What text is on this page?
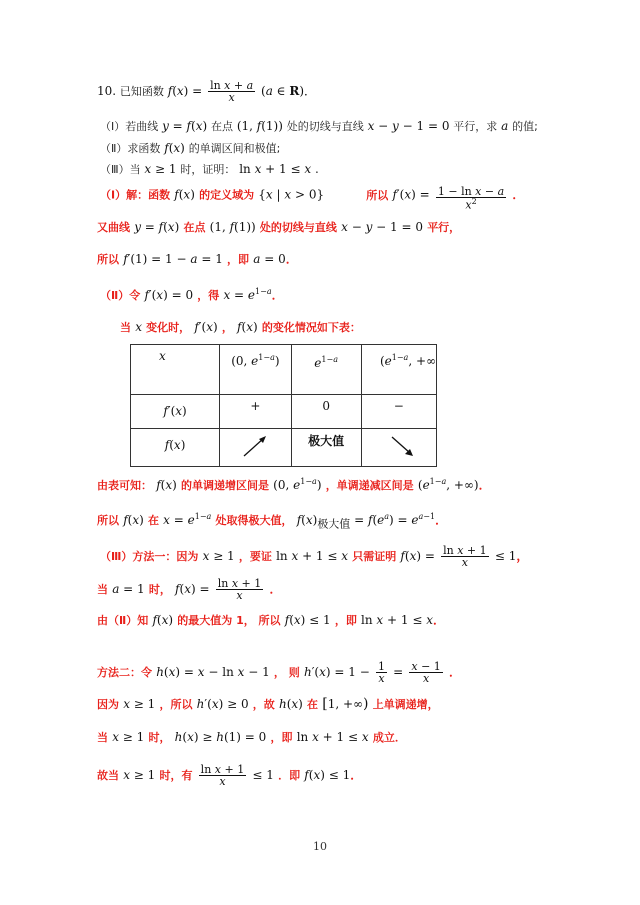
10. 已知函数 $f(x) = \frac{\text{ln x + a}}{x} (a$ ∈ R)．
（Ⅰ）若曲线 y = f(x) 在点 (1, f(1)) 处的切线与直线 x − y − 1 = 0 平行，求 a 的值;
（Ⅱ）求函数 f(x) 的单调区间和极值;
（Ⅲ）当 x ≥ 1 时，证明： ln x + 1 ≤ x .
（Ⅰ）解：函数 f(x) 的定义域为 {x | x > 0}	所以 $f'(x) = \frac{\text{1 − ln x − a}}{x^2}$ ．
又曲线 y = f(x) 在点 (1, f(1)) 处的切线与直线 x − y − 1 = 0 平行，
所以 f′(1) = 1 − a = 1 ，即 a = 0．
（Ⅱ）令 f′(x) = 0 ，得 $x = e^{1-a}$．
当 x 变化时， f′(x) ， f(x) 的变化情况如下表：
x	(0, $e^{1-a}$)	$e^{1-a}$	($e^{1-a}$, +∞
f′(x)	+	0	−
f(x)		极大值	
由表可知： f(x) 的单调递增区间是 (0, $e^{1-a}$) ，单调递减区间是 ($e^{1-a}$, +∞)．
所以 f(x) 在 $x = e^{1-a}$ 处取得极大值， $f(x)_{极大值} = f(e^a) = e^{a-1}$．
（Ⅲ）方法一：因为 x ≥ 1 ，要证 ln x + 1 ≤ x 只需证明 $f(x) = \frac{\text{ln x + 1}}{x} \le 1$，
当 a = 1 时， $f(x) = \frac{\text{ln x + 1}}{x}$ ．
由（Ⅱ）知 f(x) 的最大值为 1， 所以 f(x) ≤ 1 ，即 ln x + 1 ≤ x．
方法二：令 h(x) = x − ln x − 1 ， 则 $h'(x) = 1 - \frac{1}{x} = \frac{x - 1}{x}$ ．
因为 x ≥ 1 ，所以 h′(x) ≥ 0 ，故 h(x) 在 [1, +∞) 上单调递增，
当 x ≥ 1 时， h(x) ≥ h(1) = 0 ，即 ln x + 1 ≤ x 成立．
故当 x ≥ 1 时，有 $\frac{\text{ln x + 1}}{x} \le 1$ ．即 f(x) ≤ 1．
10
